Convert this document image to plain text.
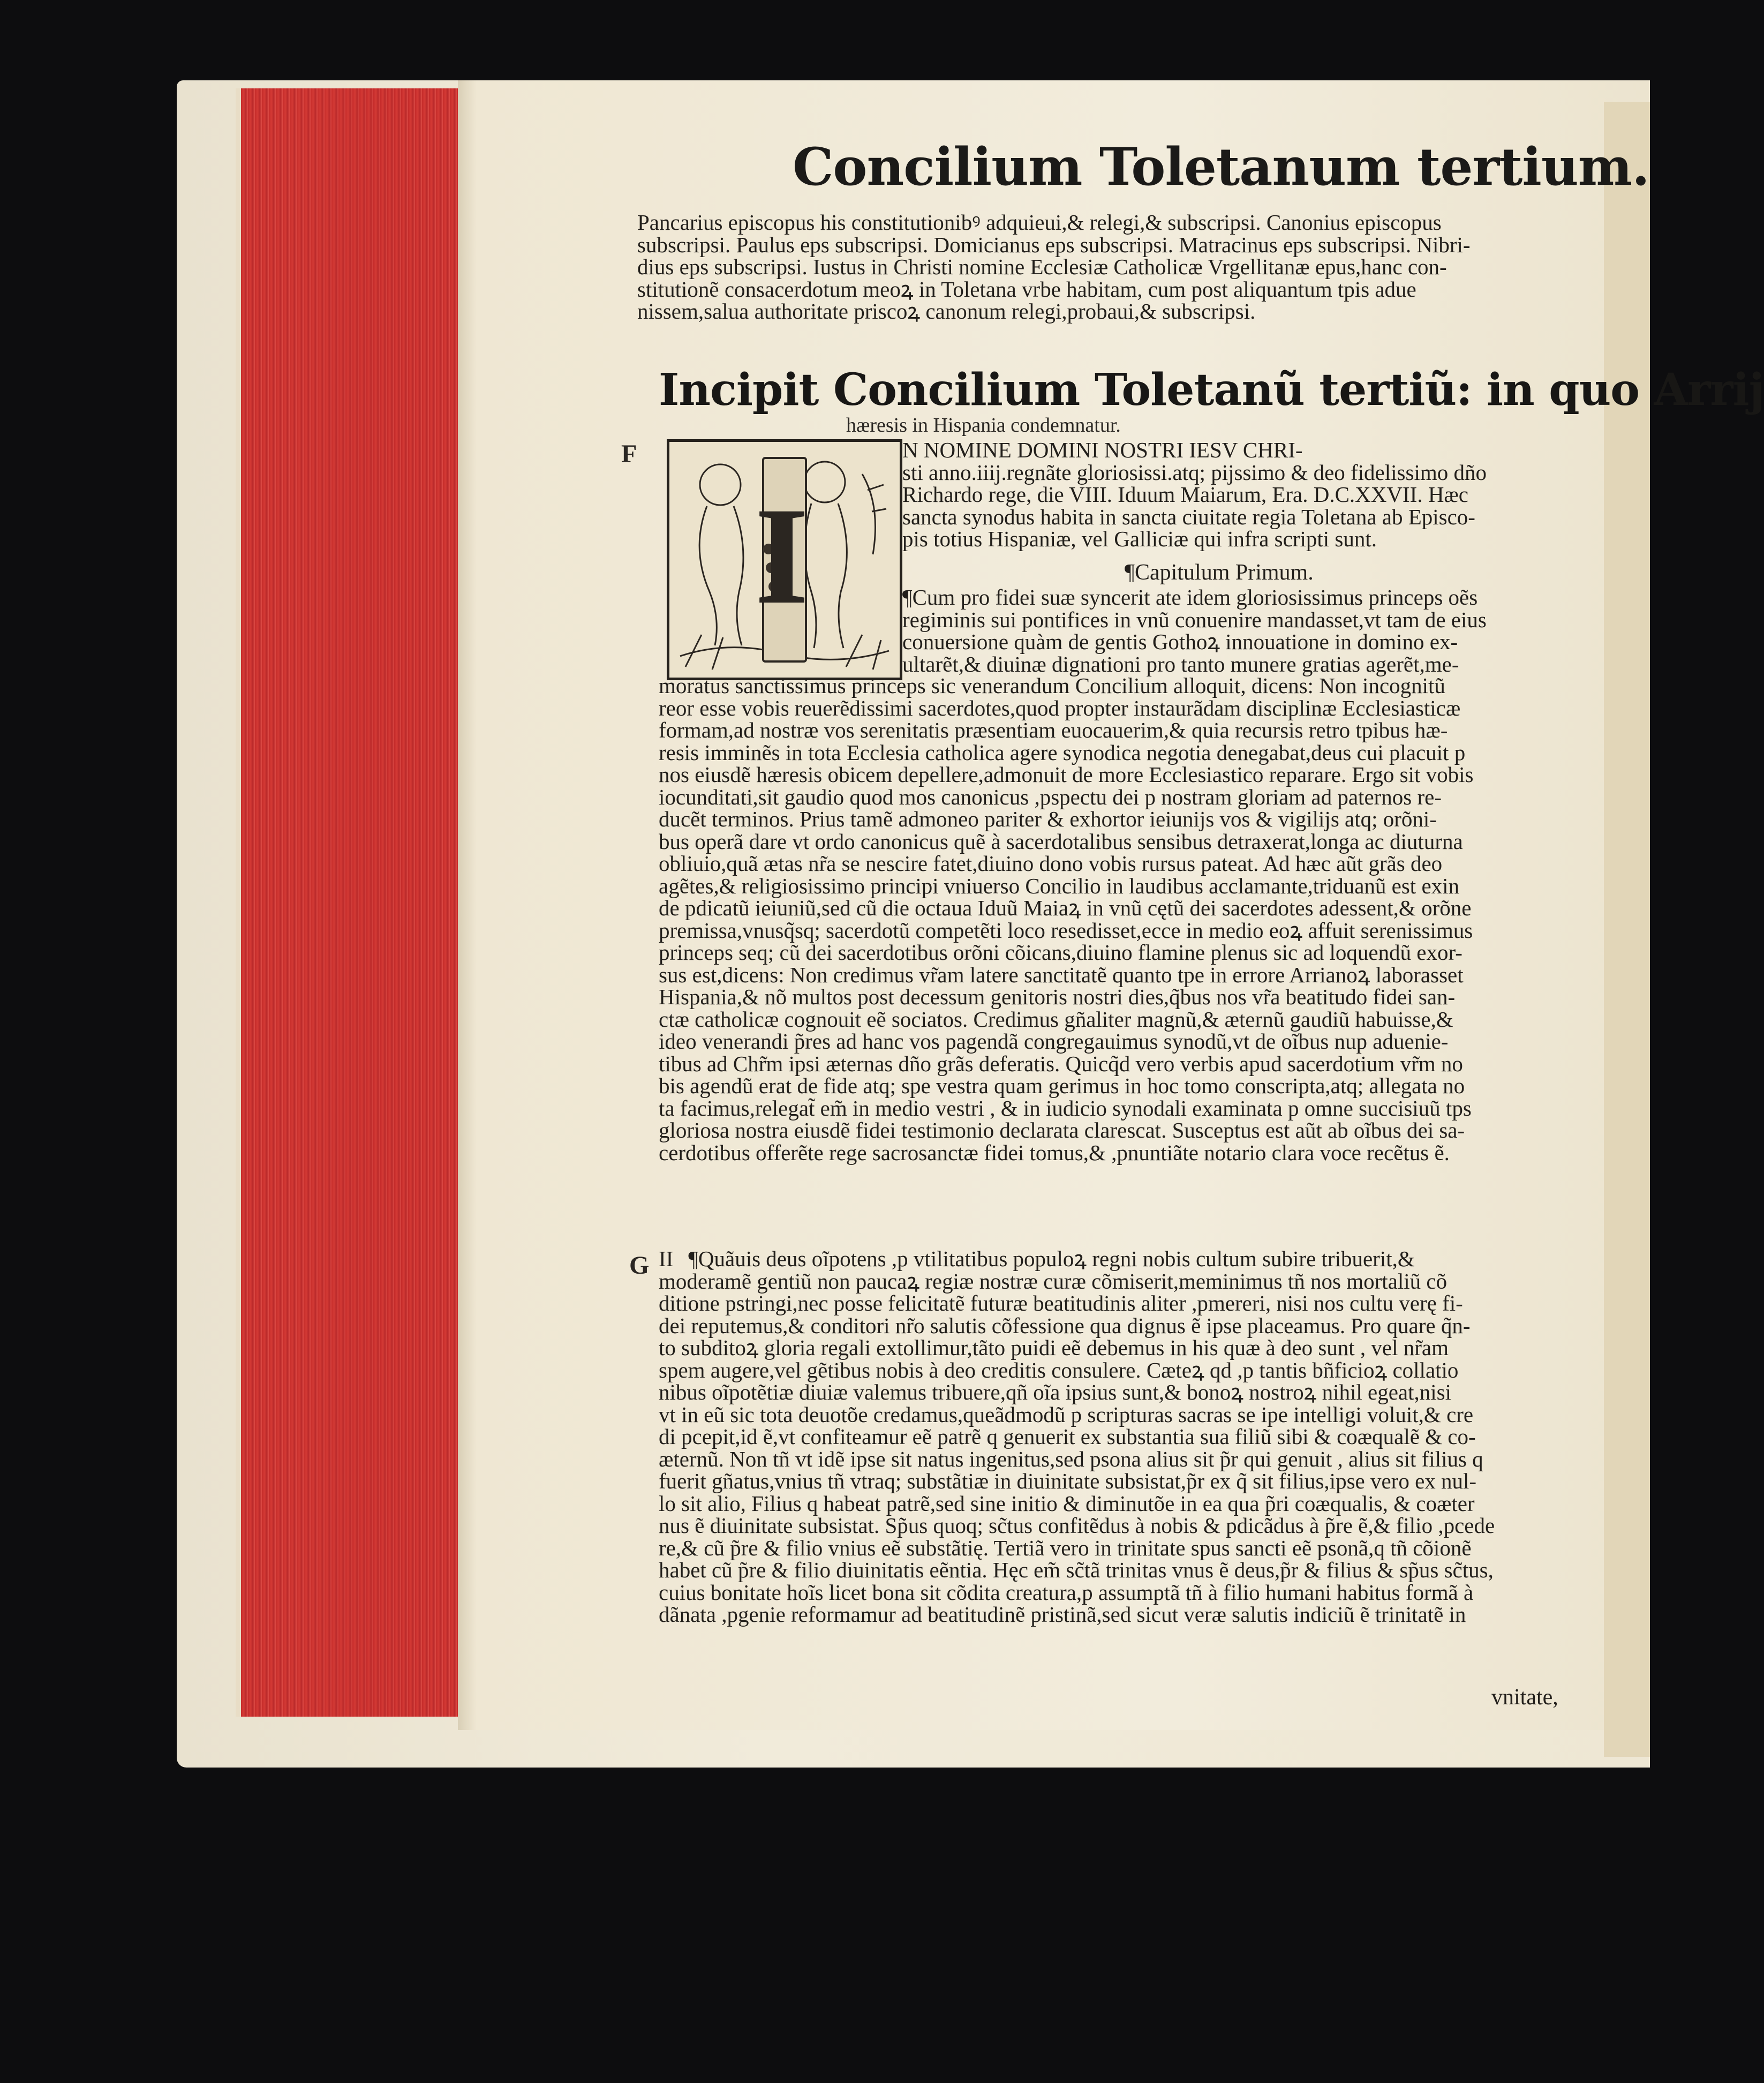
Concilium Toletanum tertium.
Pancarius episcopus his constitutionibꝰ adquieui,& relegi,& subscripsi. Canonius episcopus
subscripsi. Paulus eps subscripsi. Domicianus eps subscripsi. Matracinus eps subscripsi. Nibri-
dius eps subscripsi. Iustus in Christi nomine Ecclesiæ Catholicæ Vrgellitanæ epus,hanc con-
stitutionẽ consacerdotum meoꝝ in Toletana vrbe habitam, cum post aliquantum tpis adue
nissem,salua authoritate priscoꝝ canonum relegi,probaui,& subscripsi.
Incipit Concilium Toletanũ tertiũ: in quo Arrij
hæresis in Hispania condemnatur.
F
G
I
N NOMINE DOMINI NOSTRI IESV CHRI-
sti anno.iiij.regnãte gloriosissi.atq; pijssimo & deo fidelissimo dño
Richardo rege, die VIII. Iduum Maiarum, Era. D.C.XXVII. Hæc
sancta synodus habita in sancta ciuitate regia Toletana ab Episco-
pis totius Hispaniæ, vel Galliciæ qui infra scripti sunt.
¶Capitulum Primum.
¶Cum pro fidei suæ syncerit ate idem gloriosissimus princeps oẽs
regiminis sui pontifices in vnũ conuenire mandasset,vt tam de eius
conuersione quàm de gentis Gothoꝝ innouatione in domino ex-
ultarẽt,& diuinæ dignationi pro tanto munere gratias agerẽt,me-
moratus sanctissimus princeps sic venerandum Concilium alloquit, dicens: Non incognitũ
reor esse vobis reuerẽdissimi sacerdotes,quod propter instaurãdam disciplinæ Ecclesiasticæ
formam,ad nostræ vos serenitatis præsentiam euocauerim,& quia recursis retro tpibus hæ-
resis imminẽs in tota Ecclesia catholica agere synodica negotia denegabat,deus cui placuit p
nos eiusdẽ hæresis obicem depellere,admonuit de more Ecclesiastico reparare. Ergo sit vobis
iocunditati,sit gaudio quod mos canonicus ,pspectu dei p nostram gloriam ad paternos re-
ducẽt terminos. Prius tamẽ admoneo pariter & exhortor ieiunijs vos & vigilijs atq; orõni-
bus operã dare vt ordo canonicus quẽ à sacerdotalibus sensibus detraxerat,longa ac diuturna
obliuio,quã ætas nr̃a se nescire fatet,diuino dono vobis rursus pateat. Ad hæc aũt grãs deo
agẽtes,& religiosissimo principi vniuerso Concilio in laudibus acclamante,triduanũ est exin
de pdicatũ ieiuniũ,sed cũ die octaua Iduũ Maiaꝝ in vnũ cętũ dei sacerdotes adessent,& orõne
premissa,vnusq̃sq; sacerdotũ competẽti loco resedisset,ecce in medio eoꝝ affuit serenissimus
princeps seq; cũ dei sacerdotibus orõni cõicans,diuino flamine plenus sic ad loquendũ exor-
sus est,dicens: Non credimus vr̃am latere sanctitatẽ quanto tpe in errore Arrianoꝝ laborasset
Hispania,& nõ multos post decessum genitoris nostri dies,q̃bus nos vr̃a beatitudo fidei san-
ctæ catholicæ cognouit eẽ sociatos. Credimus gñaliter magnũ,& æternũ gaudiũ habuisse,&
ideo venerandi p̃res ad hanc vos pagendã congregauimus synodũ,vt de oĩbus nup aduenie-
tibus ad Chr̃m ipsi æternas dño grãs deferatis. Quicq̃d vero verbis apud sacerdotium vr̃m no
bis agendũ erat de fide atq; spe vestra quam gerimus in hoc tomo conscripta,atq; allegata no
ta facimus,relegat̃ em̃ in medio vestri , & in iudicio synodali examinata p omne succisiuũ tps
gloriosa nostra eiusdẽ fidei testimonio declarata clarescat. Susceptus est aũt ab oĩbus dei sa-
cerdotibus offerẽte rege sacrosanctæ fidei tomus,& ,pnuntiãte notario clara voce recẽtus ẽ.
II ¶Quãuis deus oĩpotens ,p vtilitatibus populoꝝ regni nobis cultum subire tribuerit,&
moderamẽ gentiũ non paucaꝝ regiæ nostræ curæ cõmiserit,meminimus tñ nos mortaliũ cõ
ditione pstringi,nec posse felicitatẽ futuræ beatitudinis aliter ,pmereri, nisi nos cultu verę fi-
dei reputemus,& conditori nr̃o salutis cõfessione qua dignus ẽ ipse placeamus. Pro quare q̃n-
to subditoꝝ gloria regali extollimur,tãto puidi eẽ debemus in his quæ à deo sunt , vel nr̃am
spem augere,vel gẽtibus nobis à deo creditis consulere. Cæteꝝ qd ,p tantis bñficioꝝ collatio
nibus oĩpotẽtiæ diuiæ valemus tribuere,qñ oĩa ipsius sunt,& bonoꝝ nostroꝝ nihil egeat,nisi
vt in eũ sic tota deuotõe credamus,queãdmodũ p scripturas sacras se ipe intelligi voluit,& cre
di pcepit,id ẽ,vt confiteamur eẽ patrẽ q genuerit ex substantia sua filiũ sibi & coæqualẽ & co-
æternũ. Non tñ vt idẽ ipse sit natus ingenitus,sed psona alius sit p̃r qui genuit , alius sit filius q
fuerit gñatus,vnius tñ vtraq; substãtiæ in diuinitate subsistat,p̃r ex q̃ sit filius,ipse vero ex nul-
lo sit alio, Filius q habeat patrẽ,sed sine initio & diminutõe in ea qua p̃ri coæqualis, & coæter
nus ẽ diuinitate subsistat. Sp̃us quoq; sc̃tus confitẽdus à nobis & pdicãdus à p̃re ẽ,& filio ,pcede
re,& cũ p̃re & filio vnius eẽ substãtię. Tertiã vero in trinitate spus sancti eẽ psonã,q tñ cõionẽ
habet cũ p̃re & filio diuinitatis eẽntia. Hęc em̃ sc̃tã trinitas vnus ẽ deus,p̃r & filius & sp̃us sc̃tus,
cuius bonitate hoĩs licet bona sit cõdita creatura,p assumptã tñ à filio humani habitus formã à
dãnata ,pgenie reformamur ad beatitudinẽ pristinã,sed sicut veræ salutis indiciũ ẽ trinitatẽ in
vnitate,
